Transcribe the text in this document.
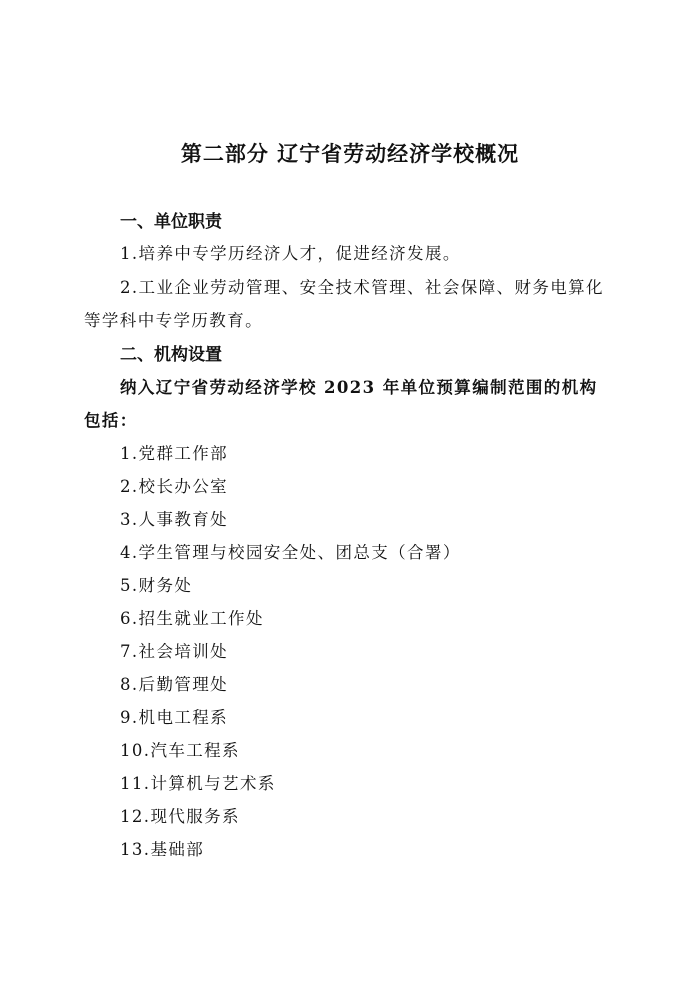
第二部分 辽宁省劳动经济学校概况
一、单位职责

1.培养中专学历经济人才，促进经济发展。

2.工业企业劳动管理、安全技术管理、社会保障、财务电算化

等学科中专学历教育。

二、机构设置

纳入辽宁省劳动经济学校 2023 年单位预算编制范围的机构

包括：

1.党群工作部
2.校长办公室
3.人事教育处
4.学生管理与校园安全处、团总支（合署）
5.财务处
6.招生就业工作处
7.社会培训处
8.后勤管理处
9.机电工程系
10.汽车工程系
11.计算机与艺术系
12.现代服务系
13.基础部
